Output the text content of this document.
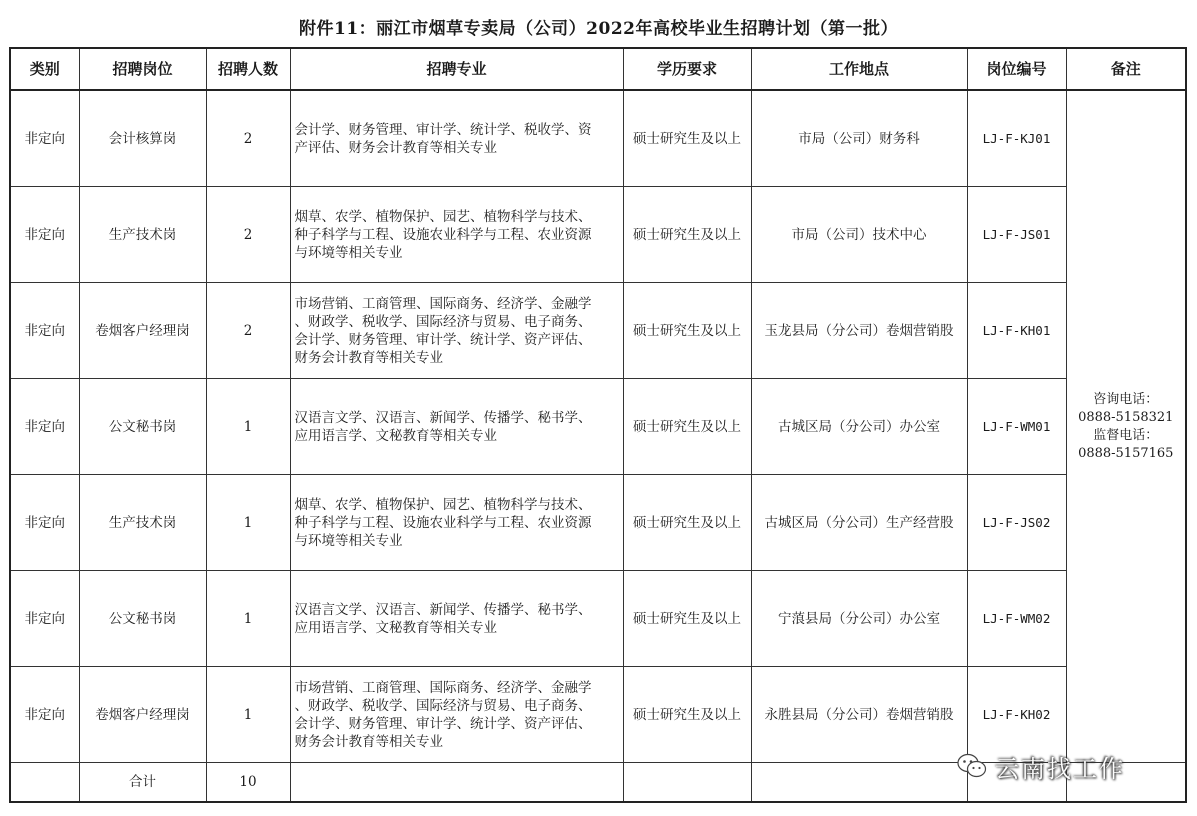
附件11：丽江市烟草专卖局（公司）2022年高校毕业生招聘计划（第一批）
类别	招聘岗位	招聘人数	招聘专业	学历要求	工作地点	岗位编号	备注
非定向	会计核算岗	2	会计学、财务管理、审计学、统计学、税收学、资
产评估、财务会计教育等相关专业	硕士研究生及以上	市局（公司）财务科	LJ-F-KJ01	咨询电话：
0888-5158321
监督电话：
0888-5157165

非定向	生产技术岗	2	烟草、农学、植物保护、园艺、植物科学与技术、
种子科学与工程、设施农业科学与工程、农业资源
与环境等相关专业	硕士研究生及以上	市局（公司）技术中心	LJ-F-JS01	
非定向	卷烟客户经理岗	2	市场营销、工商管理、国际商务、经济学、金融学
、财政学、税收学、国际经济与贸易、电子商务、
会计学、财务管理、审计学、统计学、资产评估、
财务会计教育等相关专业	硕士研究生及以上	玉龙县局（分公司）卷烟营销股	LJ-F-KH01	
非定向	公文秘书岗	1	汉语言文学、汉语言、新闻学、传播学、秘书学、
应用语言学、文秘教育等相关专业	硕士研究生及以上	古城区局（分公司）办公室	LJ-F-WM01	
非定向	生产技术岗	1	烟草、农学、植物保护、园艺、植物科学与技术、
种子科学与工程、设施农业科学与工程、农业资源
与环境等相关专业	硕士研究生及以上	古城区局（分公司）生产经营股	LJ-F-JS02	
非定向	公文秘书岗	1	汉语言文学、汉语言、新闻学、传播学、秘书学、
应用语言学、文秘教育等相关专业	硕士研究生及以上	宁蒗县局（分公司）办公室	LJ-F-WM02	
非定向	卷烟客户经理岗	1	市场营销、工商管理、国际商务、经济学、金融学
、财政学、税收学、国际经济与贸易、电子商务、
会计学、财务管理、审计学、统计学、资产评估、
财务会计教育等相关专业	硕士研究生及以上	永胜县局（分公司）卷烟营销股	LJ-F-KH02	
	合计	10						云南找工作
